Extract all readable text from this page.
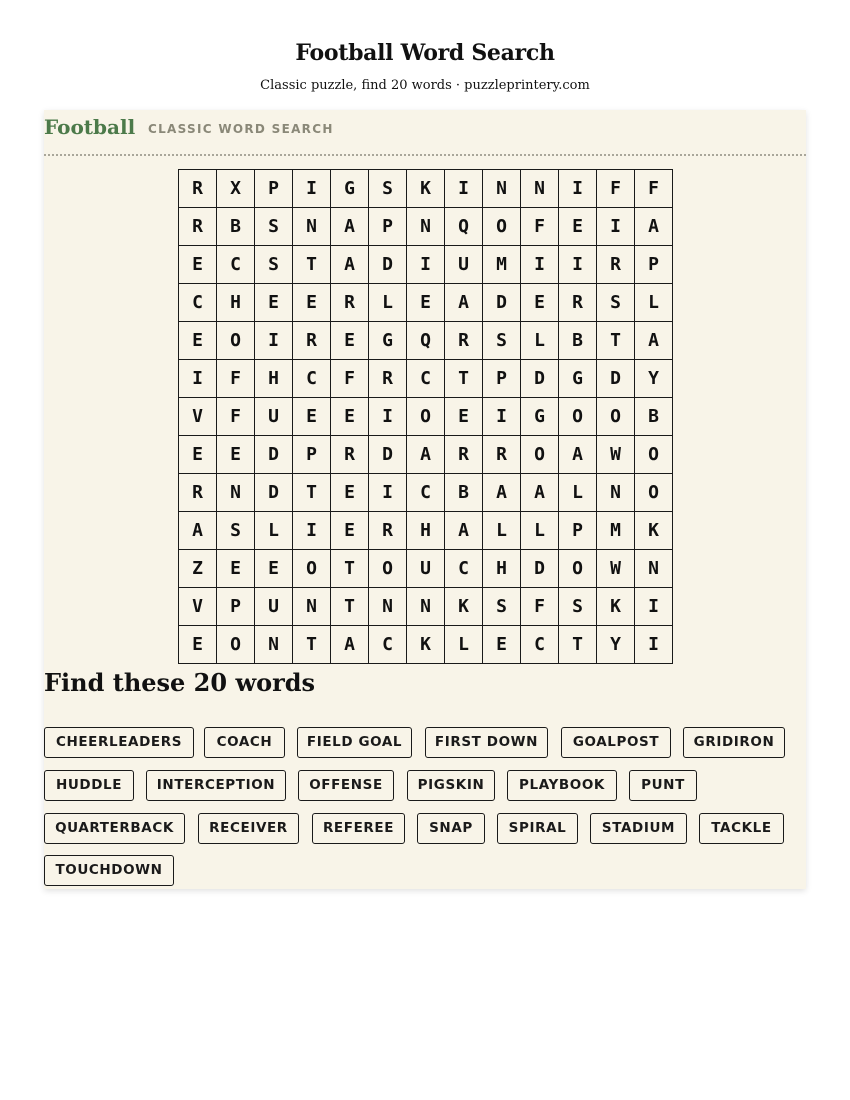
Football Word Search
Classic puzzle, find 20 words · puzzleprintery.com
Football CLASSIC WORD SEARCH
R	X	P	I	G	S	K	I	N	N	I	F	F
R	B	S	N	A	P	N	Q	O	F	E	I	A
E	C	S	T	A	D	I	U	M	I	I	R	P
C	H	E	E	R	L	E	A	D	E	R	S	L
E	O	I	R	E	G	Q	R	S	L	B	T	A
I	F	H	C	F	R	C	T	P	D	G	D	Y
V	F	U	E	E	I	O	E	I	G	O	O	B
E	E	D	P	R	D	A	R	R	O	A	W	O
R	N	D	T	E	I	C	B	A	A	L	N	O
A	S	L	I	E	R	H	A	L	L	P	M	K
Z	E	E	O	T	O	U	C	H	D	O	W	N
V	P	U	N	T	N	N	K	S	F	S	K	I
E	O	N	T	A	C	K	L	E	C	T	Y	I
Find these 20 words
CHEERLEADERS	COACH	FIELD GOAL	FIRST DOWN	GOALPOST	GRIDIRON
HUDDLE	INTERCEPTION	OFFENSE	PIGSKIN	PLAYBOOK	PUNT
QUARTERBACK	RECEIVER	REFEREE	SNAP	SPIRAL	STADIUM	TACKLE
TOUCHDOWN
